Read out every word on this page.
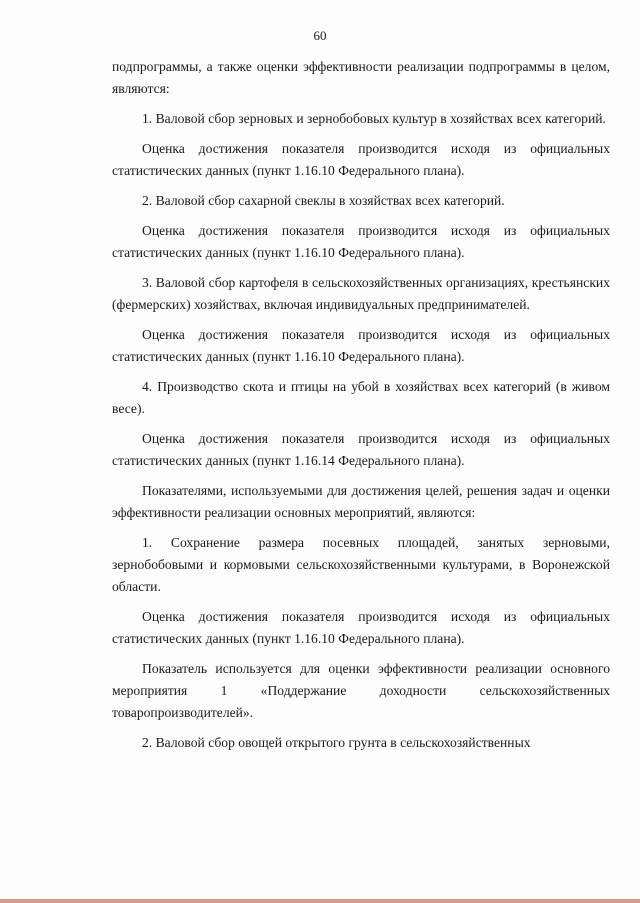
60

подпрограммы, а также оценки эффективности реализации подпрограммы в целом, являются:

1. Валовой сбор зерновых и зернобобовых культур в хозяйствах всех категорий.

Оценка достижения показателя производится исходя из официальных статистических данных (пункт 1.16.10 Федерального плана).

2. Валовой сбор сахарной свеклы в хозяйствах всех категорий.

Оценка достижения показателя производится исходя из официальных статистических данных (пункт 1.16.10 Федерального плана).

3. Валовой сбор картофеля в сельскохозяйственных организациях, крестьянских (фермерских) хозяйствах, включая индивидуальных предпринимателей.

Оценка достижения показателя производится исходя из официальных статистических данных (пункт 1.16.10 Федерального плана).

4. Производство скота и птицы на убой в хозяйствах всех категорий (в живом весе).

Оценка достижения показателя производится исходя из официальных статистических данных (пункт 1.16.14 Федерального плана).

Показателями, используемыми для достижения целей, решения задач и оценки эффективности реализации основных мероприятий, являются:

1. Сохранение размера посевных площадей, занятых зерновыми, зернобобовыми и кормовыми сельскохозяйственными культурами, в Воронежской области.

Оценка достижения показателя производится исходя из официальных статистических данных (пункт 1.16.10 Федерального плана).

Показатель используется для оценки эффективности реализации основного мероприятия 1 «Поддержание доходности сельскохозяйственных товаропроизводителей».

2. Валовой сбор овощей открытого грунта в сельскохозяйственных
